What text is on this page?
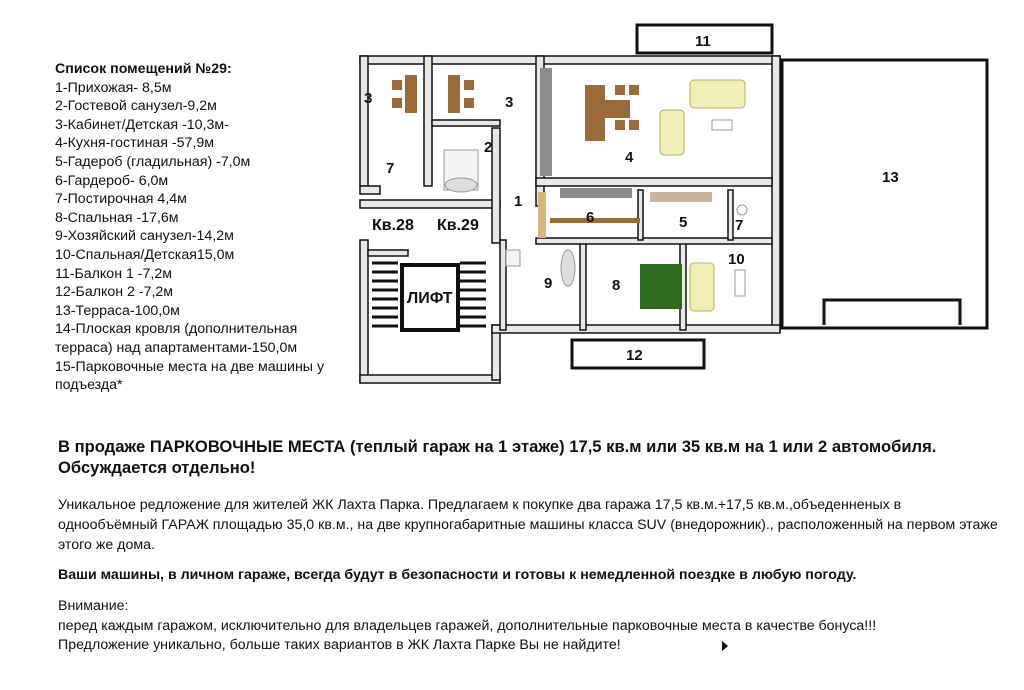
Список помещений №29:
1-Прихожая- 8,5м
2-Гостевой санузел-9,2м
3-Кабинет/Детская -10,3м-
4-Кухня-гостиная -57,9м
5-Гадероб (гладильная) -7,0м
6-Гардероб- 6,0м
7-Постирочная 4,4м
8-Спальная -17,6м
9-Хозяйский санузел-14,2м
10-Спальная/Детская15,0м
11-Балкон 1 -7,2м
12-Балкон 2 -7,2м
13-Терраса-100,0м
14-Плоская кровля (дополнительная терраса) над апартаментами-150,0м
15-Парковочные места на две машины у подъезда*
3	3
2
7
4
1
6	5	7
9	8
10
11
12
13
Кв.28 Кв.29
ЛИФТ
В продаже ПАРКОВОЧНЫЕ МЕСТА (теплый гараж на 1 этаже) 17,5 кв.м или 35 кв.м на 1 или 2 автомобиля. Обсуждается отдельно!
Уникальное редложение для жителей ЖК Лахта Парка. Предлагаем к покупке два гаража 17,5 кв.м.+17,5 кв.м.,объеденненых в однообъёмный ГАРАЖ площадью 35,0 кв.м., на две крупногабаритные машины класса SUV (внедорожник)., расположенный на первом этаже этого же дома.
Ваши машины, в личном гараже, всегда будут в безопасности и готовы к немедленной поездке в любую погоду.
Внимание:
перед каждым гаражом, исключительно для владельцев гаражей, дополнительные парковочные места в качестве бонуса!!!
Предложение уникально, больше таких вариантов в ЖК Лахта Парке Вы не найдите!
